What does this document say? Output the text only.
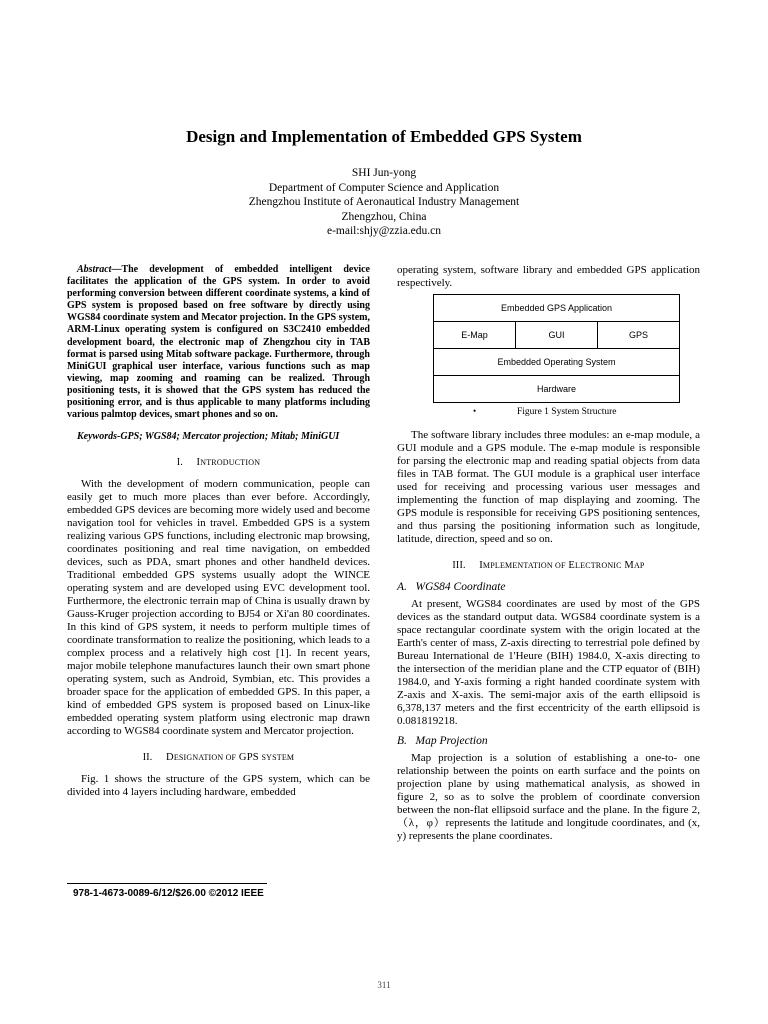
Design and Implementation of Embedded GPS System
SHI Jun-yong
Department of Computer Science and Application
Zhengzhou Institute of Aeronautical Industry Management
Zhengzhou, China
e-mail:shjy@zzia.edu.cn

Abstract—The development of embedded intelligent device facilitates the application of the GPS system. In order to avoid performing conversion between different coordinate systems, a kind of GPS system is proposed based on free software by directly using WGS84 coordinate system and Mecator projection. In the GPS system, ARM-Linux operating system is configured on S3C2410 embedded development board, the electronic map of Zhengzhou city in TAB format is parsed using Mitab software package. Furthermore, through MiniGUI graphical user interface, various functions such as map viewing, map zooming and roaming can be realized. Through positioning tests, it is showed that the GPS system has reduced the positioning error, and is thus applicable to many platforms including various palmtop devices, smart phones and so on.

Keywords-GPS; WGS84; Mercator projection; Mitab; MiniGUI

I. INTRODUCTION

With the development of modern communication, people can easily get to much more places than ever before. Accordingly, embedded GPS devices are becoming more widely used and become navigation tool for vehicles in travel. Embedded GPS is a system realizing various GPS functions, including electronic map browsing, coordinates positioning and real time navigation, on embedded devices, such as PDA, smart phones and other handheld devices. Traditional embedded GPS systems usually adopt the WINCE operating system and are developed using EVC development tool. Furthermore, the electronic terrain map of China is usually drawn by Gauss-Kruger projection according to BJ54 or Xi'an 80 coordinates. In this kind of GPS system, it needs to perform multiple times of coordinate transformation to realize the positioning, which leads to a complex process and a relatively high cost [1]. In recent years, major mobile telephone manufactures launch their own smart phone operating system, such as Android, Symbian, etc. This provides a broader space for the application of embedded GPS. In this paper, a kind of embedded GPS system is proposed based on Linux-like embedded operating system platform using electronic map drawn according to WGS84 coordinate system and Mercator projection.

II. DESIGNATION OF GPS SYSTEM

Fig. 1 shows the structure of the GPS system, which can be divided into 4 layers including hardware, embedded

operating system, software library and embedded GPS application respectively.

Embedded GPS Application
E-Map	GUI	GPS
Embedded Operating System
Hardware
•	Figure 1 System Structure

The software library includes three modules: an e-map module, a GUI module and a GPS module. The e-map module is responsible for parsing the electronic map and reading spatial objects from data files in TAB format. The GUI module is a graphical user interface used for receiving and processing various user messages and implementing the function of map displaying and zooming. The GPS module is responsible for receiving GPS positioning sentences, and thus parsing the positioning information such as longitude, latitude, direction, speed and so on.

III. IMPLEMENTATION OF ELECTRONIC MAP
A.   WGS84 Coordinate

At present, WGS84 coordinates are used by most of the GPS devices as the standard output data. WGS84 coordinate system is a space rectangular coordinate system with the origin located at the Earth's center of mass, Z-axis directing to terrestrial pole defined by Bureau International de 1'Heure (BIH) 1984.0, X-axis directing to the intersection of the meridian plane and the CTP equator of (BIH) 1984.0, and Y-axis forming a right handed coordinate system with Z-axis and X-axis. The semi-major axis of the earth ellipsoid is 6,378,137 meters and the first eccentricity of the earth ellipsoid is 0.081819218.

B.   Map Projection

Map projection is a solution of establishing a one-to- one relationship between the points on earth surface and the points on projection plane by using mathematical analysis, as showed in figure 2, so as to solve the problem of coordinate conversion between the non-flat ellipsoid surface and the plane. In the figure 2, （λ，φ）represents the latitude and longitude coordinates, and (x, y) represents the plane coordinates.

978-1-4673-0089-6/12/$26.00 ©2012 IEEE
311
